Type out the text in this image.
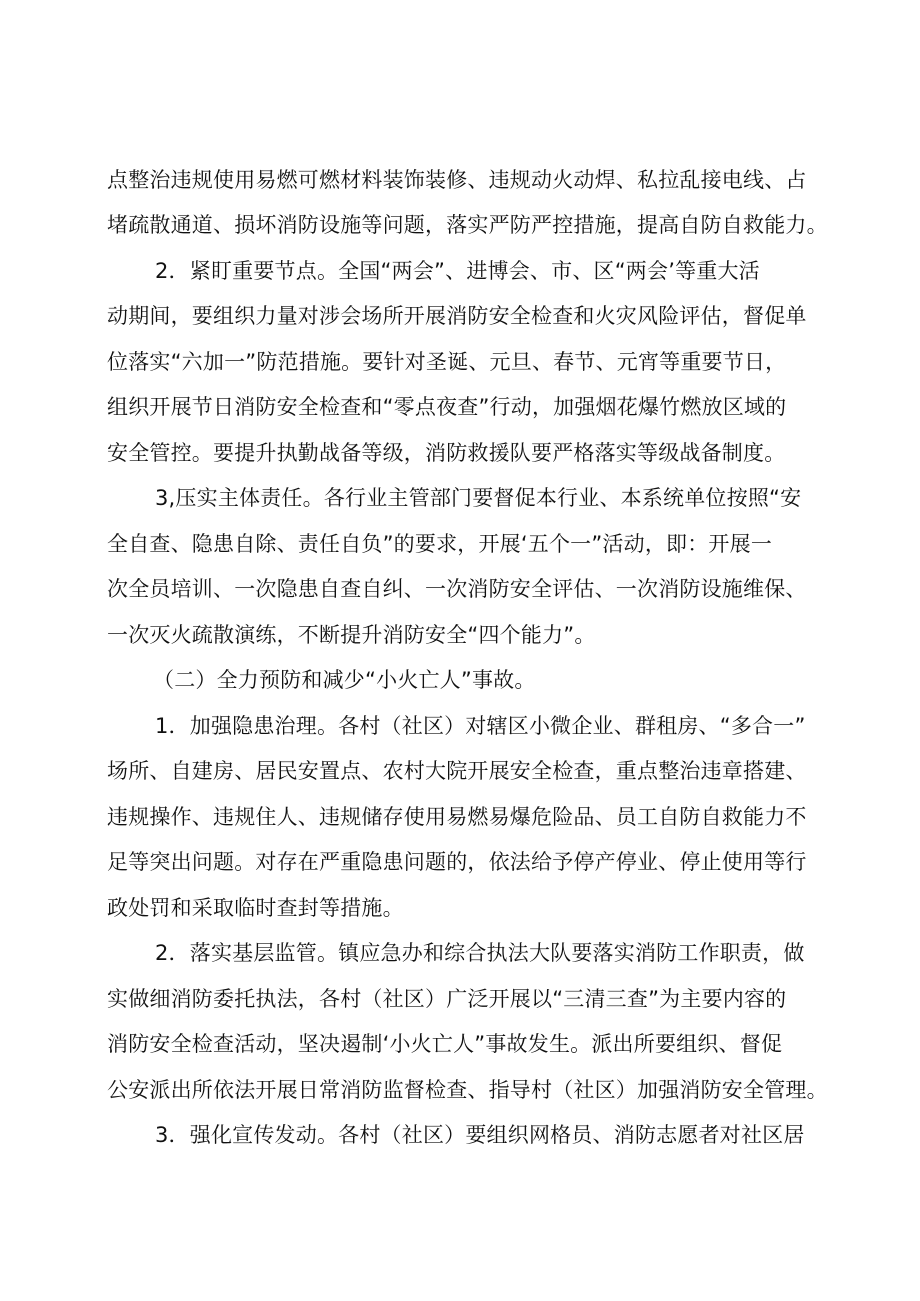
点整治违规使用易燃可燃材料装饰装修、违规动火动焊、私拉乱接电线、占

堵疏散通道、损坏消防设施等问题，落实严防严控措施，提高自防自救能力。

2．紧盯重要节点。全国“两会”、进博会、市、区“两会’等重大活

动期间，要组织力量对涉会场所开展消防安全检查和火灾风险评估，督促单

位落实“六加一”防范措施。要针对圣诞、元旦、春节、元宵等重要节日，

组织开展节日消防安全检查和“零点夜查”行动，加强烟花爆竹燃放区域的

安全管控。要提升执勤战备等级，消防救援队要严格落实等级战备制度。

3,压实主体责任。各行业主管部门要督促本行业、本系统单位按照“安

全自查、隐患自除、责任自负”的要求，开展‘五个一”活动，即：开展一

次全员培训、一次隐患自查自纠、一次消防安全评估、一次消防设施维保、

一次灭火疏散演练，不断提升消防安全“四个能力”。

（二）全力预防和减少“小火亡人”事故。

1．加强隐患治理。各村（社区）对辖区小微企业、群租房、“多合一”

场所、自建房、居民安置点、农村大院开展安全检查，重点整治违章搭建、

违规操作、违规住人、违规储存使用易燃易爆危险品、员工自防自救能力不

足等突出问题。对存在严重隐患问题的，依法给予停产停业、停止使用等行

政处罚和采取临时查封等措施。

2．落实基层监管。镇应急办和综合执法大队要落实消防工作职责，做

实做细消防委托执法，各村（社区）广泛开展以“三清三查”为主要内容的

消防安全检查活动，坚决遏制‘小火亡人”事故发生。派出所要组织、督促

公安派出所依法开展日常消防监督检查、指导村（社区）加强消防安全管理。

3．强化宣传发动。各村（社区）要组织网格员、消防志愿者对社区居
